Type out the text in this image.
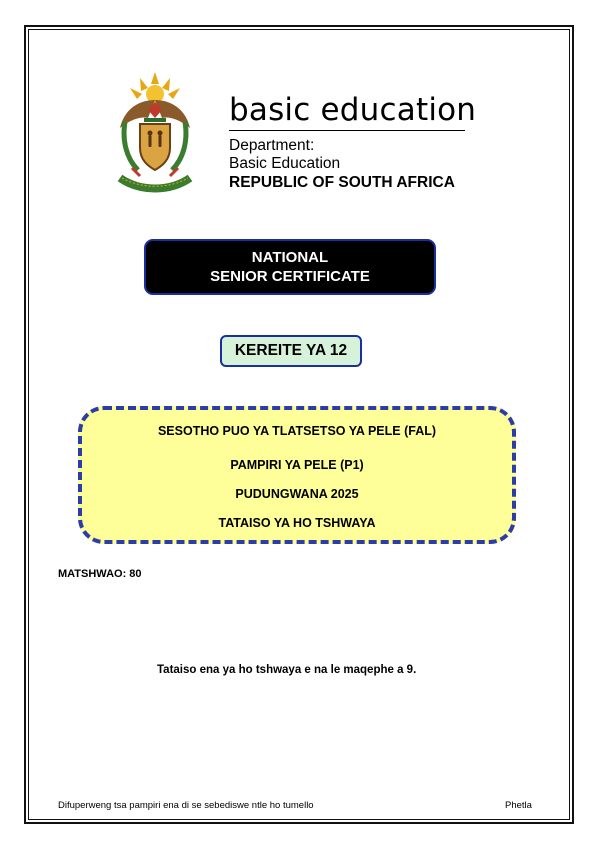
basic education
Department:
Basic Education
REPUBLIC OF SOUTH AFRICA
NATIONAL
SENIOR CERTIFICATE
KEREITE YA 12
SESOTHO PUO YA TLATSETSO YA PELE (FAL)
PAMPIRI YA PELE (P1)
PUDUNGWANA 2025
TATAISO YA HO TSHWAYA
MATSHWAO: 80
Tataiso ena ya ho tshwaya e na le maqephe a 9.
Difuperweng tsa pampiri ena di se sebediswe ntle ho tumello	Phetla
